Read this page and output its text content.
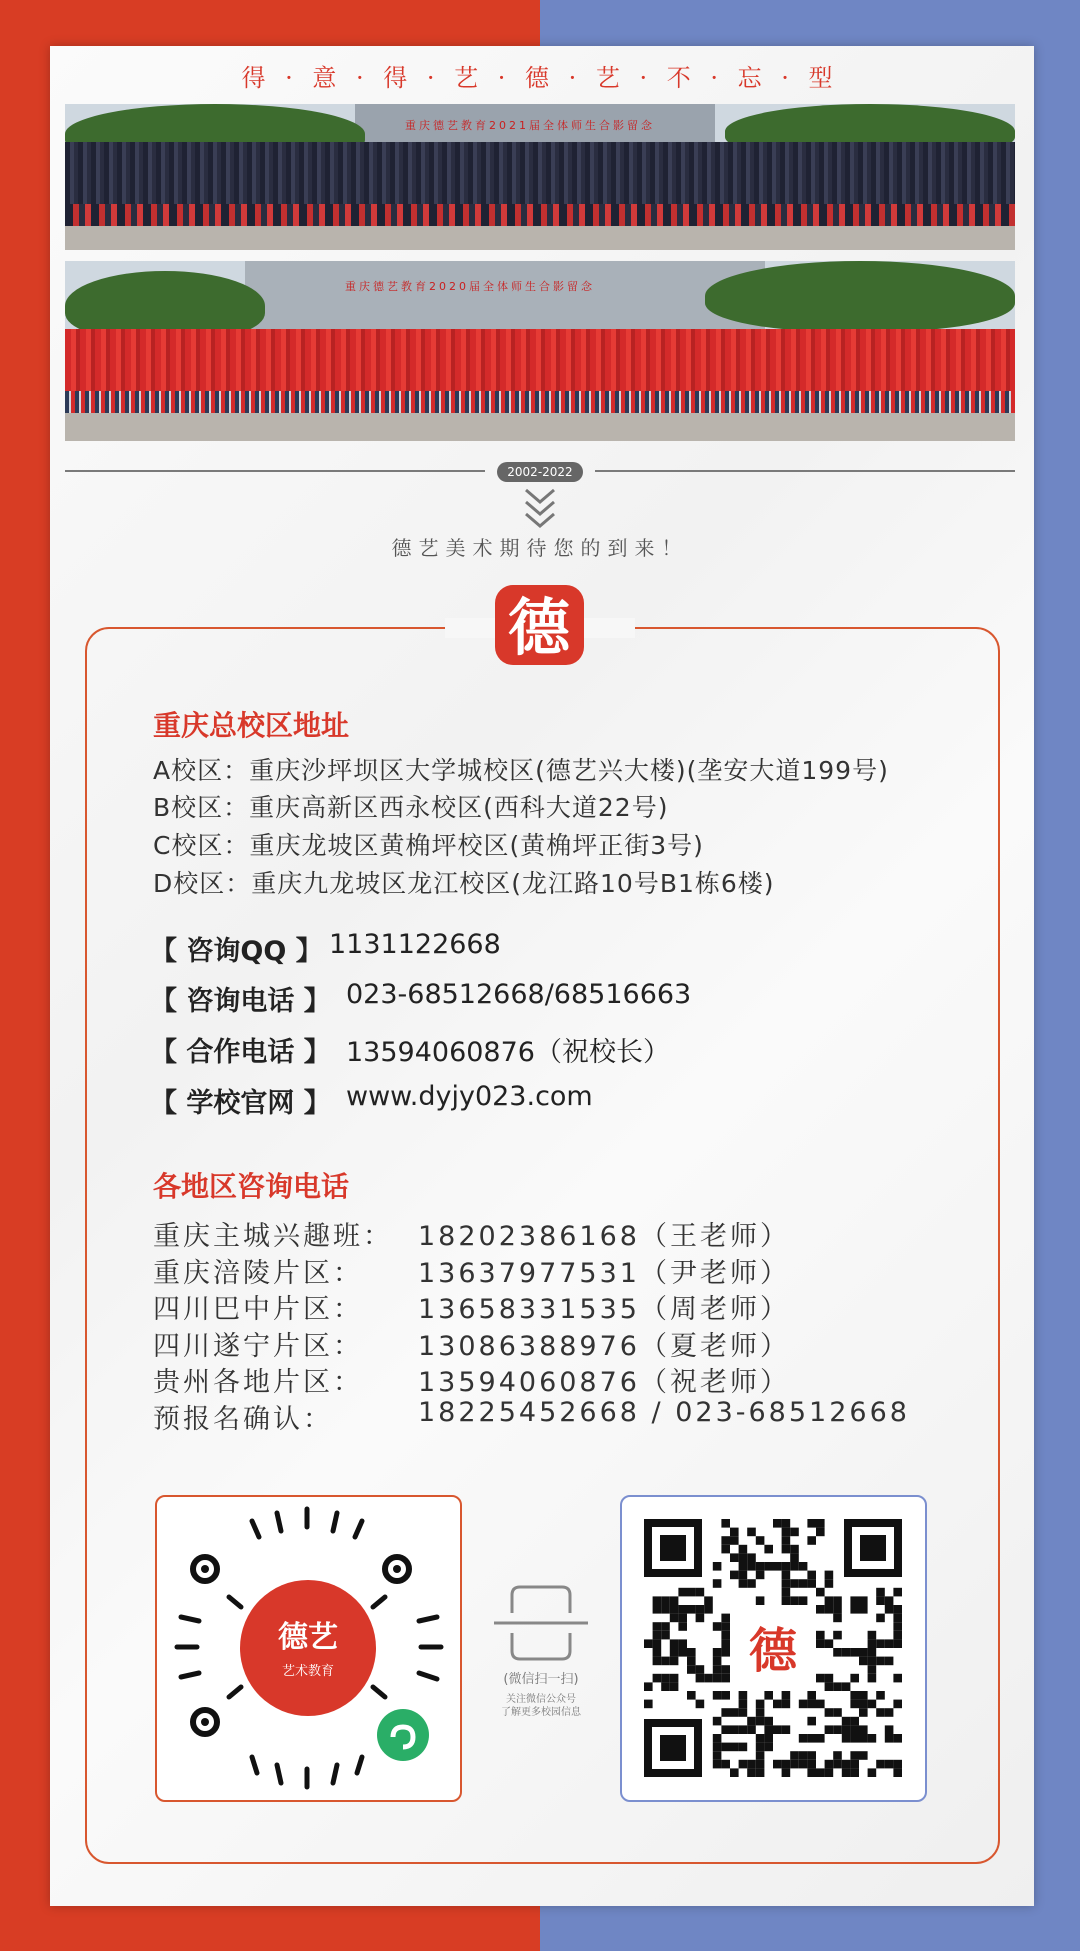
得 · 意 · 得 · 艺 · 德 · 艺 · 不 · 忘 · 型
重庆德艺教育2021届全体师生合影留念
重庆德艺教育2020届全体师生合影留念
2002-2022
德艺美术期待您的到来！
德
重庆总校区地址
A校区：重庆沙坪坝区大学城校区(德艺兴大楼)(垄安大道199号)
B校区：重庆高新区西永校区(西科大道22号)
C校区：重庆龙坡区黄桷坪校区(黄桷坪正街3号)
D校区：重庆九龙坡区龙江校区(龙江路10号B1栋6楼)
【 咨询QQ 】 1131122668
【 咨询电话 】 023-68512668/68516663
【 合作电话 】 13594060876（祝校长）
【 学校官网 】 www.dyjy023.com
各地区咨询电话
重庆主城兴趣班： 18202386168（王老师）
重庆涪陵片区： 13637977531（尹老师）
四川巴中片区： 13658331535（周老师）
四川遂宁片区： 13086388976（夏老师）
贵州各地片区： 13594060876（祝老师）
预报名确认：	18225452668 / 023-68512668
德艺
艺术教育
(微信扫一扫)
关注微信公众号
了解更多校园信息
德
